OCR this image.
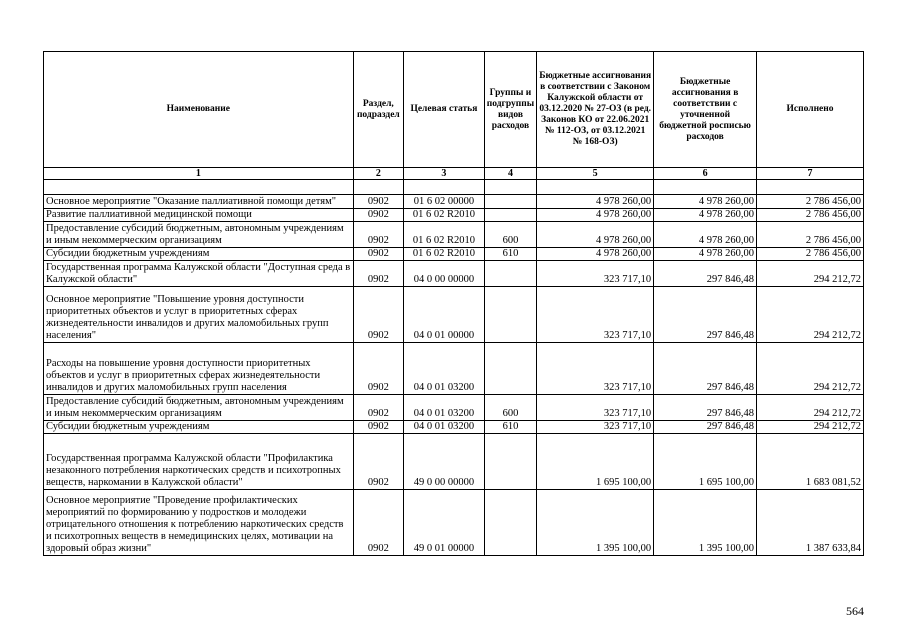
Наименование	Раздел, подраздел	Целевая статья	Группы и подгруппы видов расходов	Бюджетные ассигнования в соответствии с Законом Калужской области от 03.12.2020 № 27-ОЗ (в ред. Законов КО от 22.06.2021 № 112-ОЗ, от 03.12.2021 № 168-ОЗ)	Бюджетные ассигнования в соответствии с уточненной бюджетной росписью расходов	Исполнено
1	2	3	4	5	6	7

Основное мероприятие "Оказание паллиативной помощи детям"	0902	01 6 02 00000		4 978 260,00	4 978 260,00	2 786 456,00
Развитие паллиативной медицинской помощи	0902	01 6 02 R2010		4 978 260,00	4 978 260,00	2 786 456,00
Предоставление субсидий бюджетным, автономным учреждениям и иным некоммерческим организациям	0902	01 6 02 R2010	600	4 978 260,00	4 978 260,00	2 786 456,00
Субсидии бюджетным учреждениям	0902	01 6 02 R2010	610	4 978 260,00	4 978 260,00	2 786 456,00
Государственная программа Калужской области "Доступная среда в Калужской области"	0902	04 0 00 00000		323 717,10	297 846,48	294 212,72
Основное мероприятие "Повышение уровня доступности приоритетных объектов и услуг в приоритетных сферах жизнедеятельности инвалидов и других маломобильных групп населения"	0902	04 0 01 00000		323 717,10	297 846,48	294 212,72
Расходы на повышение уровня доступности приоритетных объектов и услуг в приоритетных сферах жизнедеятельности инвалидов и других маломобильных групп населения	0902	04 0 01 03200		323 717,10	297 846,48	294 212,72
Предоставление субсидий бюджетным, автономным учреждениям и иным некоммерческим организациям	0902	04 0 01 03200	600	323 717,10	297 846,48	294 212,72
Субсидии бюджетным учреждениям	0902	04 0 01 03200	610	323 717,10	297 846,48	294 212,72
Государственная программа Калужской области "Профилактика незаконного потребления наркотических средств и психотропных веществ, наркомании в Калужской области"	0902	49 0 00 00000		1 695 100,00	1 695 100,00	1 683 081,52
Основное мероприятие "Проведение профилактических мероприятий по формированию у подростков и молодежи отрицательного отношения к потреблению наркотических средств и психотропных веществ в немедицинских целях, мотивации на здоровый образ жизни"	0902	49 0 01 00000		1 395 100,00	1 395 100,00	1 387 633,84
564
